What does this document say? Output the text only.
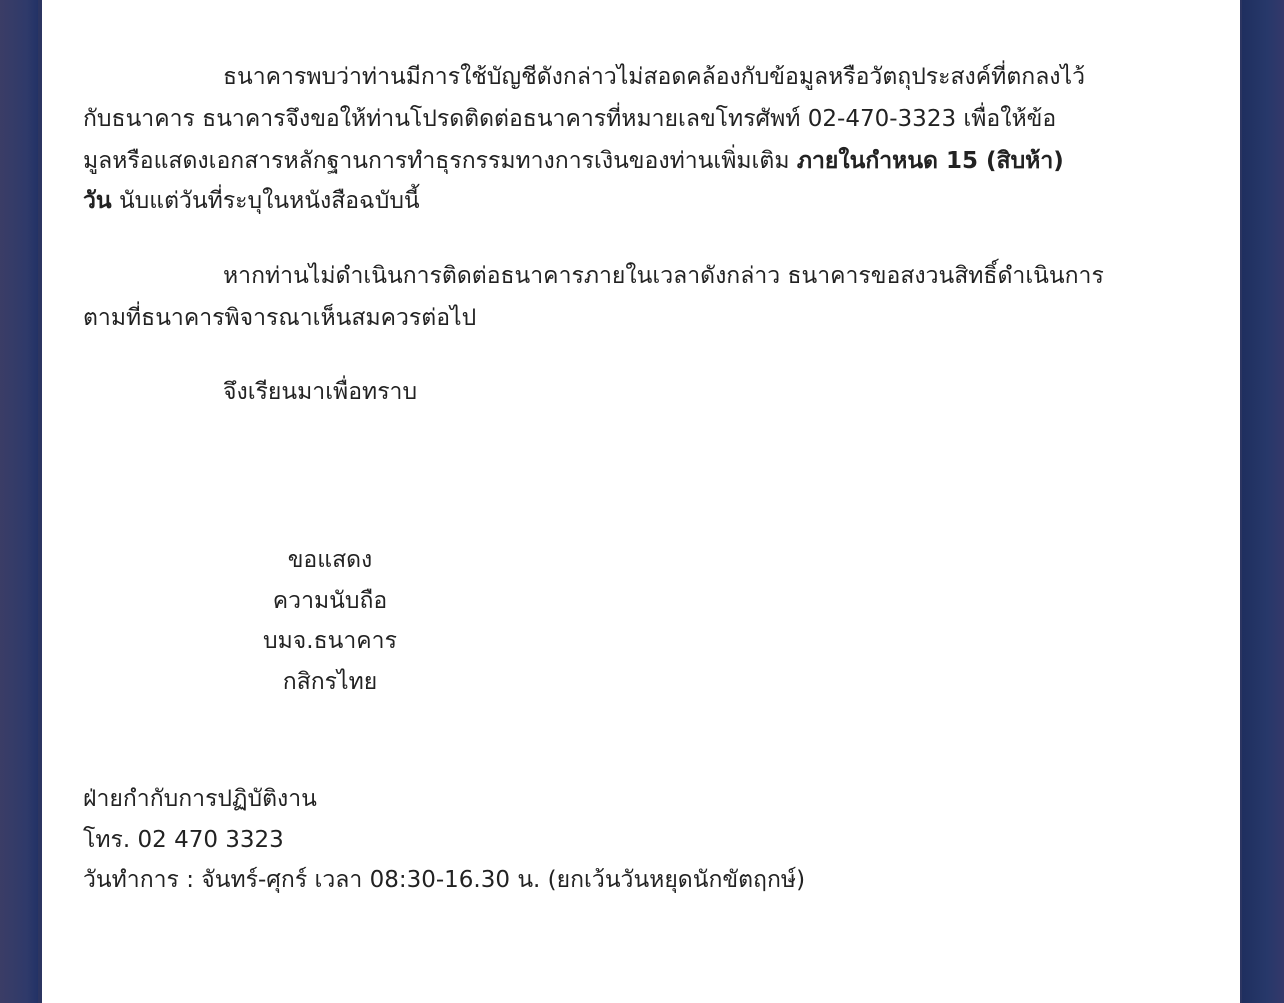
ธนาคารพบว่าท่านมีการใช้บัญชีดังกล่าวไม่สอดคล้องกับข้อมูลหรือวัตถุประสงค์ที่ตกลงไว้
กับธนาคาร ธนาคารจึงขอให้ท่านโปรดติดต่อธนาคารที่หมายเลขโทรศัพท์ 02-470-3323 เพื่อให้ข้อ
มูลหรือแสดงเอกสารหลักฐานการทำธุรกรรมทางการเงินของท่านเพิ่มเติม ภายในกำหนด 15 (สิบห้า)
วัน นับแต่วันที่ระบุในหนังสือฉบับนี้
หากท่านไม่ดำเนินการติดต่อธนาคารภายในเวลาดังกล่าว ธนาคารขอสงวนสิทธิ์ดำเนินการ
ตามที่ธนาคารพิจารณาเห็นสมควรต่อไป
จึงเรียนมาเพื่อทราบ
ขอแสดง
ความนับถือ
บมจ.ธนาคาร
กสิกรไทย
ฝ่ายกำกับการปฏิบัติงาน
โทร. 02 470 3323
วันทำการ : จันทร์-ศุกร์ เวลา 08:30-16.30 น. (ยกเว้นวันหยุดนักขัตฤกษ์)
